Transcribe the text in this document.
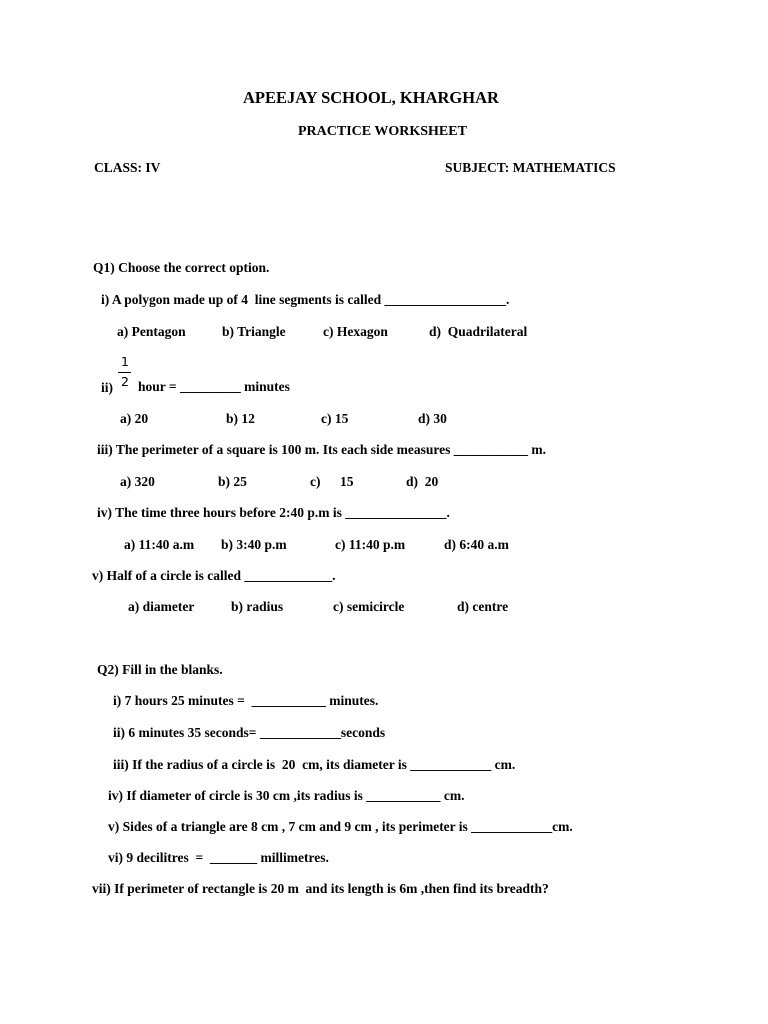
APEEJAY SCHOOL, KHARGHAR
PRACTICE WORKSHEET
CLASS: IV	SUBJECT: MATHEMATICS
Q1) Choose the correct option.
i) A polygon made up of 4  line segments is called __________________.
a) Pentagon	b) Triangle	c) Hexagon	d)  Quadrilateral
1
2
ii) hour = _________ minutes
a) 20	b) 12	c) 15	d) 30
iii) The perimeter of a square is 100 m. Its each side measures ___________ m.
a) 320	b) 25	c) 15	d)  20
iv) The time three hours before 2:40 p.m is _______________.
a) 11:40 a.m b) 3:40 p.m	c) 11:40 p.m	d) 6:40 a.m
v) Half of a circle is called _____________.
a) diameter	b) radius	c) semicircle	d) centre
Q2) Fill in the blanks.
i) 7 hours 25 minutes =  ___________ minutes.
ii) 6 minutes 35 seconds= ____________seconds
iii) If the radius of a circle is  20  cm, its diameter is ____________ cm.
iv) If diameter of circle is 30 cm ,its radius is ___________ cm.
v) Sides of a triangle are 8 cm , 7 cm and 9 cm , its perimeter is ____________cm.
vi) 9 decilitres  =  _______ millimetres.
vii) If perimeter of rectangle is 20 m  and its length is 6m ,then find its breadth?
